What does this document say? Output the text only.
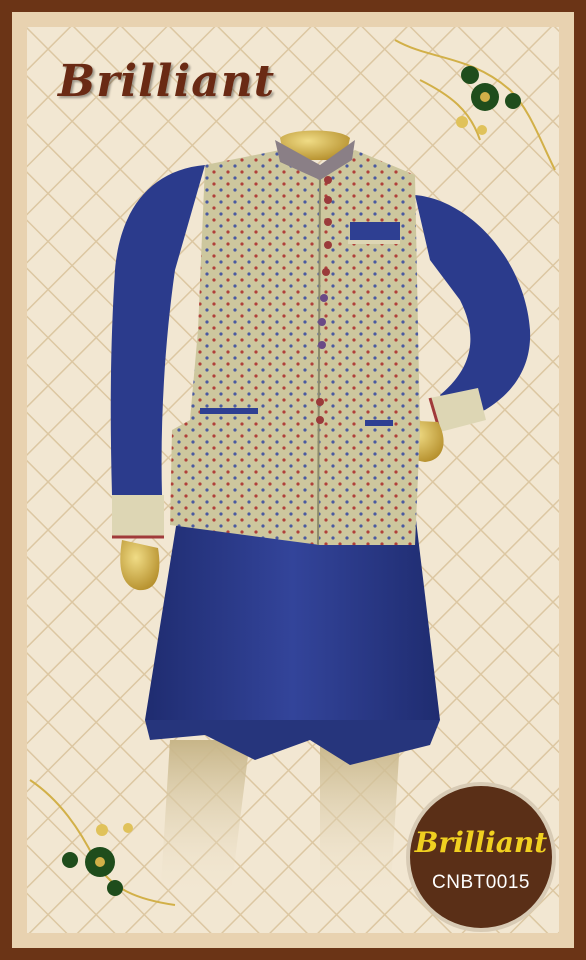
Brilliant
Brilliant
CNBT0015
